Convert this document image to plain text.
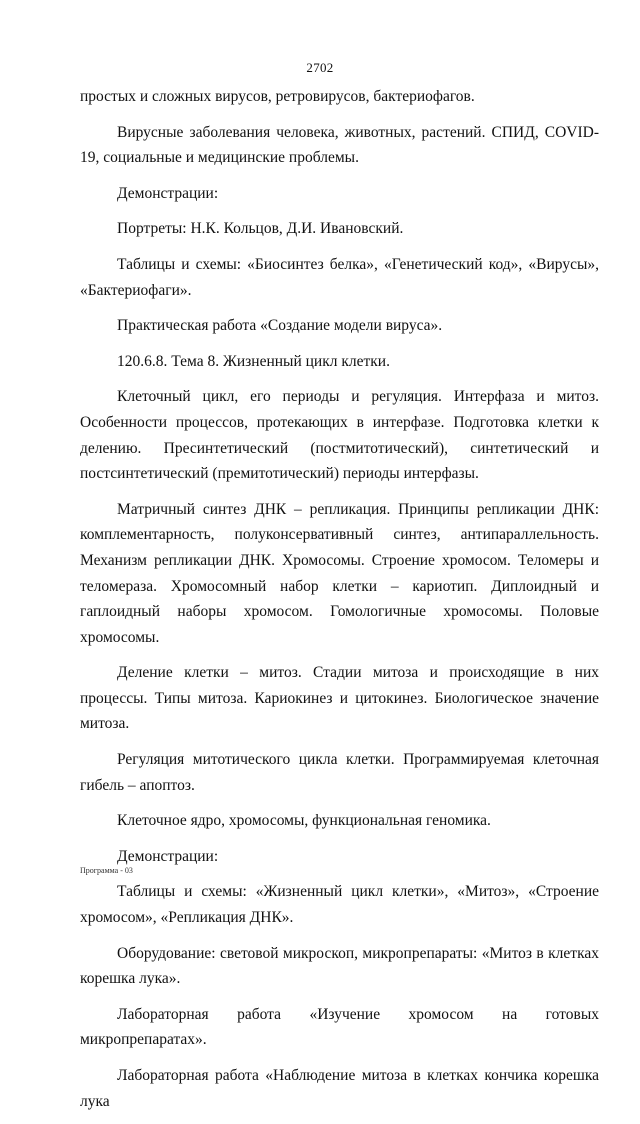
2702

простых и сложных вирусов, ретровирусов, бактериофагов.

Вирусные заболевания человека, животных, растений. СПИД, COVID-19, социальные и медицинские проблемы.

Демонстрации:

Портреты: Н.К. Кольцов, Д.И. Ивановский.

Таблицы и схемы: «Биосинтез белка», «Генетический код», «Вирусы», «Бактериофаги».

Практическая работа «Создание модели вируса».

120.6.8. Тема 8. Жизненный цикл клетки.

Клеточный цикл, его периоды и регуляция. Интерфаза и митоз. Особенности процессов, протекающих в интерфазе. Подготовка клетки к делению. Пресинтетический (постмитотический), синтетический и постсинтетический (премитотический) периоды интерфазы.

Матричный синтез ДНК – репликация. Принципы репликации ДНК: комплементарность, полуконсервативный синтез, антипараллельность. Механизм репликации ДНК. Хромосомы. Строение хромосом. Теломеры и теломераза. Хромосомный набор клетки – кариотип. Диплоидный и гаплоидный наборы хромосом. Гомологичные хромосомы. Половые хромосомы.

Деление клетки – митоз. Стадии митоза и происходящие в них процессы. Типы митоза. Кариокинез и цитокинез. Биологическое значение митоза.

Регуляция митотического цикла клетки. Программируемая клеточная гибель – апоптоз.

Клеточное ядро, хромосомы, функциональная геномика.

Демонстрации:

Таблицы и схемы: «Жизненный цикл клетки», «Митоз», «Строение хромосом», «Репликация ДНК».

Оборудование: световой микроскоп, микропрепараты: «Митоз в клетках корешка лука».

Лабораторная работа «Изучение хромосом на готовых микропрепаратах».

Лабораторная работа «Наблюдение митоза в клетках кончика корешка лука

Программа - 03
